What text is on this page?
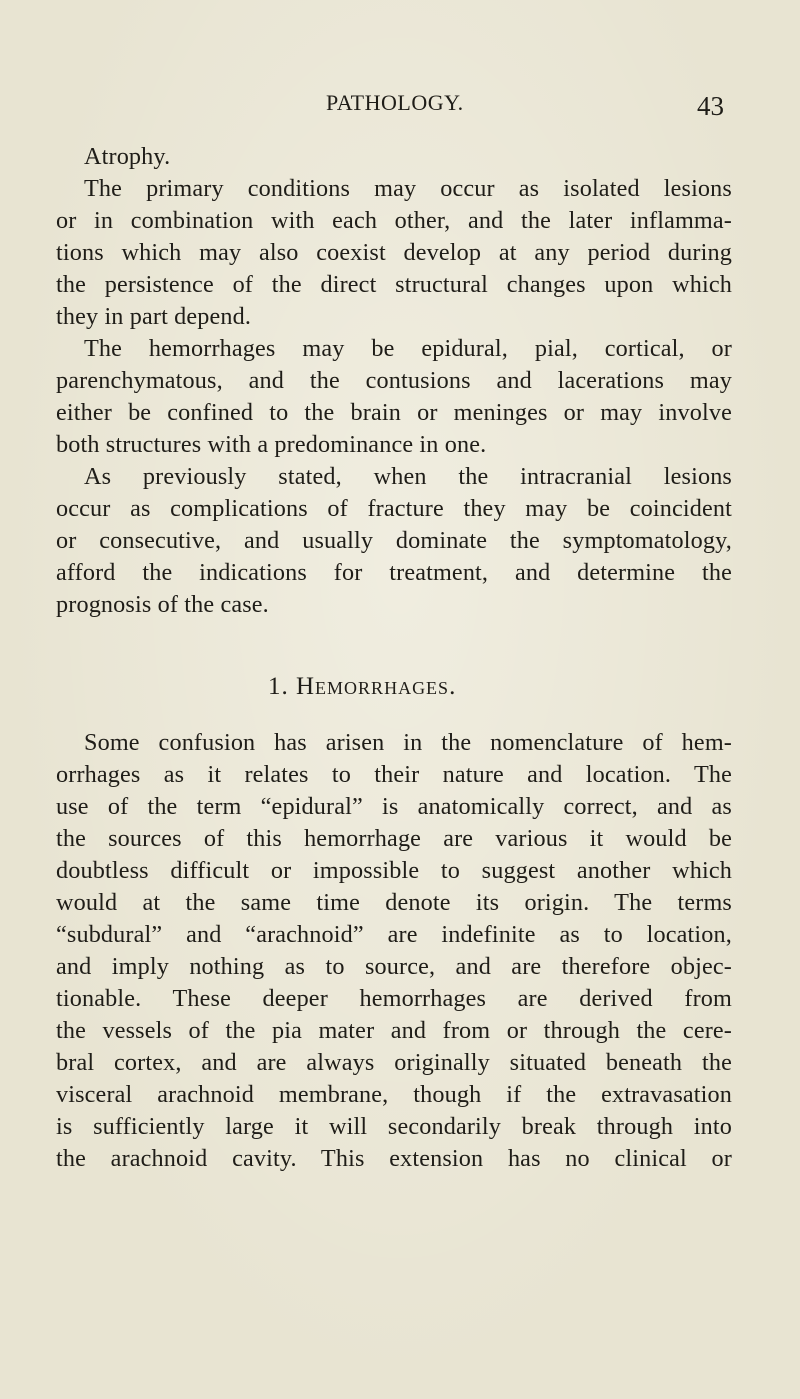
PATHOLOGY.	43
Atrophy.
The primary conditions may occur as isolated lesions
or in combination with each other, and the later inflamma-
tions which may also coexist develop at any period during
the persistence of the direct structural changes upon which
they in part depend.
The hemorrhages may be epidural, pial, cortical, or
parenchymatous, and the contusions and lacerations may
either be confined to the brain or meninges or may involve
both structures with a predominance in one.
As previously stated, when the intracranial lesions
occur as complications of fracture they may be coincident
or consecutive, and usually dominate the symptomatology,
afford the indications for treatment, and determine the
prognosis of the case.
1. Hemorrhages.
Some confusion has arisen in the nomenclature of hem-
orrhages as it relates to their nature and location. The
use of the term “epidural” is anatomically correct, and as
the sources of this hemorrhage are various it would be
doubtless difficult or impossible to suggest another which
would at the same time denote its origin. The terms
“subdural” and “arachnoid” are indefinite as to location,
and imply nothing as to source, and are therefore objec-
tionable. These deeper hemorrhages are derived from
the vessels of the pia mater and from or through the cere-
bral cortex, and are always originally situated beneath the
visceral arachnoid membrane, though if the extravasation
is sufficiently large it will secondarily break through into
the arachnoid cavity. This extension has no clinical or
